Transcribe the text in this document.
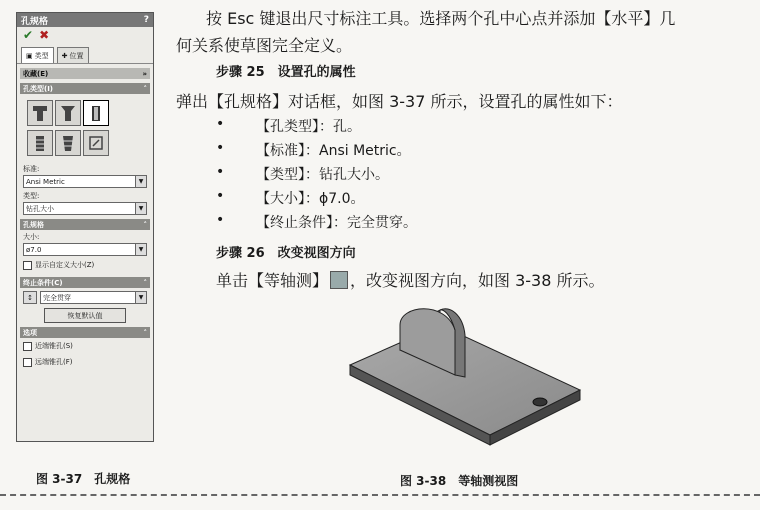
孔规格	?
✔ ✖
▣ 类型 ✚ 位置
收藏(E)	»
孔类型(I)	˄
标准:
Ansi Metric	▼
类型:
钻孔大小	▼
孔规格	˄
大小:
ø7.0	▼
显示自定义大小(Z)
终止条件(C)	˄
↕	完全贯穿	▼
恢复默认值
选项	˄
近端锥孔(S)
远端锥孔(F)
按 Esc 键退出尺寸标注工具。选择两个孔中心点并添加【水平】几
何关系使草图完全定义。
步骤 25　设置孔的属性
弹出【孔规格】对话框，如图 3-37 所示，设置孔的属性如下：
• 【孔类型】：孔。
• 【标准】：Ansi Metric。
• 【类型】：钻孔大小。
• 【大小】：ϕ7.0。
• 【终止条件】：完全贯穿。
步骤 26　改变视图方向
单击【等轴测】 ，改变视图方向，如图 3-38 所示。
图 3-37　孔规格	图 3-38　等轴测视图
